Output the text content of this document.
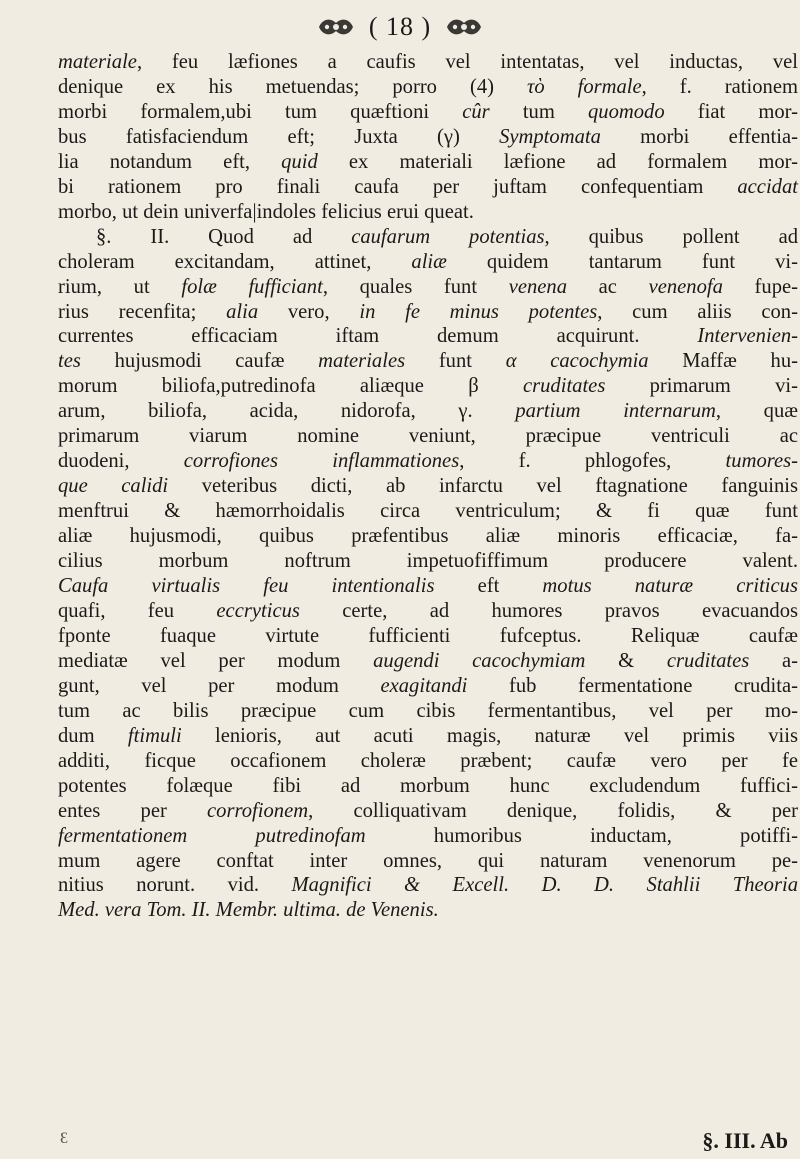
( 18 )
materiale, feu læfiones a caufis vel intentatas, vel inductas, vel
denique ex his metuendas; porro (4) τὸ formale, f. rationem
morbi formalem,ubi tum quæftioni cûr tum quomodo fiat mor-
bus fatisfaciendum eft; Juxta (γ) Symptomata morbi effentia-
lia notandum eft, quid ex materiali læfione ad formalem mor-
bi rationem pro finali caufa per juftam confequentiam accidat
morbo, ut dein univerfa|indoles felicius erui queat.
§. II. Quod ad caufarum potentias, quibus pollent ad
choleram excitandam, attinet, aliæ quidem tantarum funt vi-
rium, ut folæ fufficiant, quales funt venena ac venenofa fupe-
rius recenfita; alia vero, in fe minus potentes, cum aliis con-
currentes efficaciam iftam demum acquirunt. Intervenien-
tes hujusmodi caufæ materiales funt α cacochymia Maffæ hu-
morum biliofa,putredinofa aliæque β cruditates primarum vi-
arum, biliofa, acida, nidorofa, γ. partium internarum, quæ
primarum viarum nomine veniunt, præcipue ventriculi ac
duodeni, corrofiones inflammationes, f. phlogofes, tumores-
que calidi veteribus dicti, ab infarctu vel ftagnatione fanguinis
menftrui & hæmorrhoidalis circa ventriculum; & fi quæ funt
aliæ hujusmodi, quibus præfentibus aliæ minoris efficaciæ, fa-
cilius morbum noftrum impetuofiffimum producere valent.
Caufa virtualis feu intentionalis eft motus naturæ criticus
quafi, feu eccryticus certe, ad humores pravos evacuandos
fponte fuaque virtute fufficienti fufceptus. Reliquæ caufæ
mediatæ vel per modum augendi cacochymiam & cruditates a-
gunt, vel per modum exagitandi fub fermentatione crudita-
tum ac bilis præcipue cum cibis fermentantibus, vel per mo-
dum ftimuli lenioris, aut acuti magis, naturæ vel primis viis
additi, ficque occafionem choleræ præbent; caufæ vero per fe
potentes folæque fibi ad morbum hunc excludendum fuffici-
entes per corrofionem, colliquativam denique, folidis, & per
fermentationem putredinofam humoribus inductam, potiffi-
mum agere conftat inter omnes, qui naturam venenorum pe-
nitius norunt. vid. Magnifici & Excell. D. D. Stahlii Theoria
Med. vera Tom. II. Membr. ultima. de Venenis.
Ɛ	§. III. Ab
